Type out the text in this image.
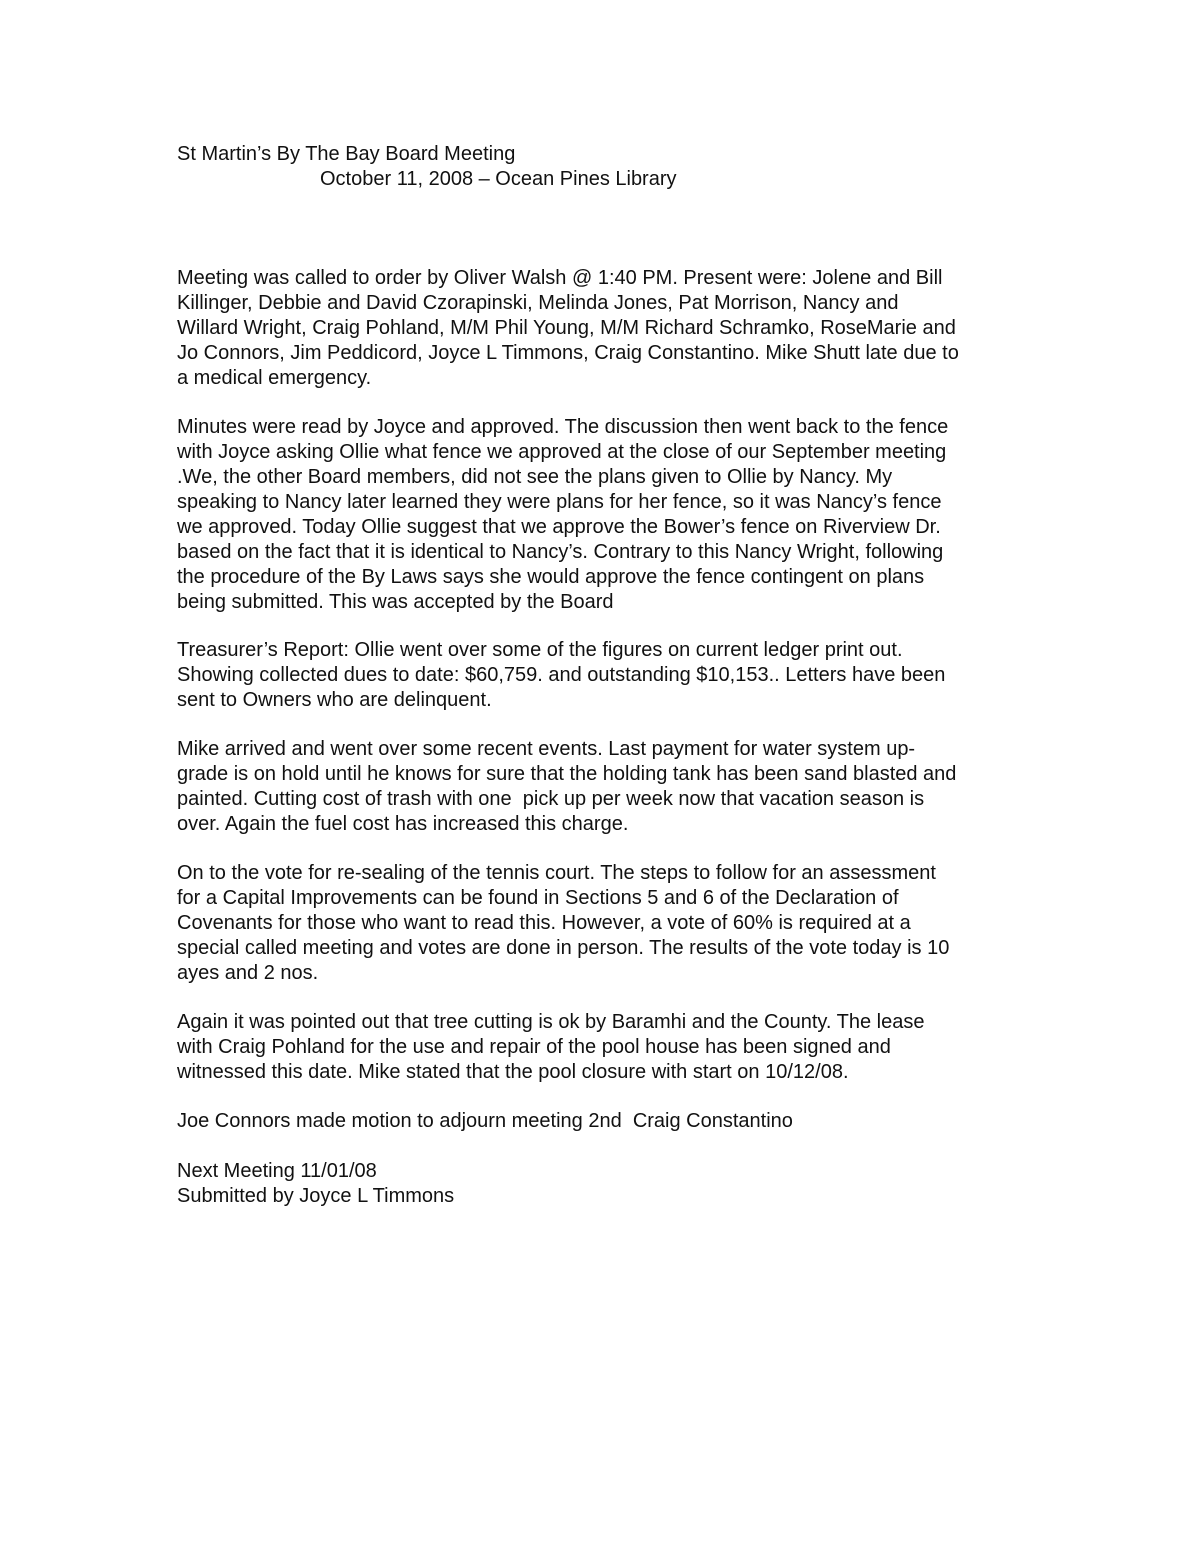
St Martin’s By The Bay Board Meeting
October 11, 2008 – Ocean Pines Library
Meeting was called to order by Oliver Walsh @ 1:40 PM. Present were: Jolene and Bill
Killinger, Debbie and David Czorapinski, Melinda Jones, Pat Morrison, Nancy and
Willard Wright, Craig Pohland, M/M Phil Young, M/M Richard Schramko, RoseMarie and
Jo Connors, Jim Peddicord, Joyce L Timmons, Craig Constantino. Mike Shutt late due to
a medical emergency.
Minutes were read by Joyce and approved. The discussion then went back to the fence
with Joyce asking Ollie what fence we approved at the close of our September meeting
.We, the other Board members, did not see the plans given to Ollie by Nancy. My
speaking to Nancy later learned they were plans for her fence, so it was Nancy’s fence
we approved. Today Ollie suggest that we approve the Bower’s fence on Riverview Dr.
based on the fact that it is identical to Nancy’s. Contrary to this Nancy Wright, following
the procedure of the By Laws says she would approve the fence contingent on plans
being submitted. This was accepted by the Board
Treasurer’s Report: Ollie went over some of the figures on current ledger print out.
Showing collected dues to date: $60,759. and outstanding $10,153.. Letters have been
sent to Owners who are delinquent.
Mike arrived and went over some recent events. Last payment for water system up-
grade is on hold until he knows for sure that the holding tank has been sand blasted and
painted. Cutting cost of trash with one  pick up per week now that vacation season is
over. Again the fuel cost has increased this charge.
On to the vote for re-sealing of the tennis court. The steps to follow for an assessment
for a Capital Improvements can be found in Sections 5 and 6 of the Declaration of
Covenants for those who want to read this. However, a vote of 60% is required at a
special called meeting and votes are done in person. The results of the vote today is 10
ayes and 2 nos.
Again it was pointed out that tree cutting is ok by Baramhi and the County. The lease
with Craig Pohland for the use and repair of the pool house has been signed and
witnessed this date. Mike stated that the pool closure with start on 10/12/08.
Joe Connors made motion to adjourn meeting 2nd  Craig Constantino
Next Meeting 11/01/08
Submitted by Joyce L Timmons
